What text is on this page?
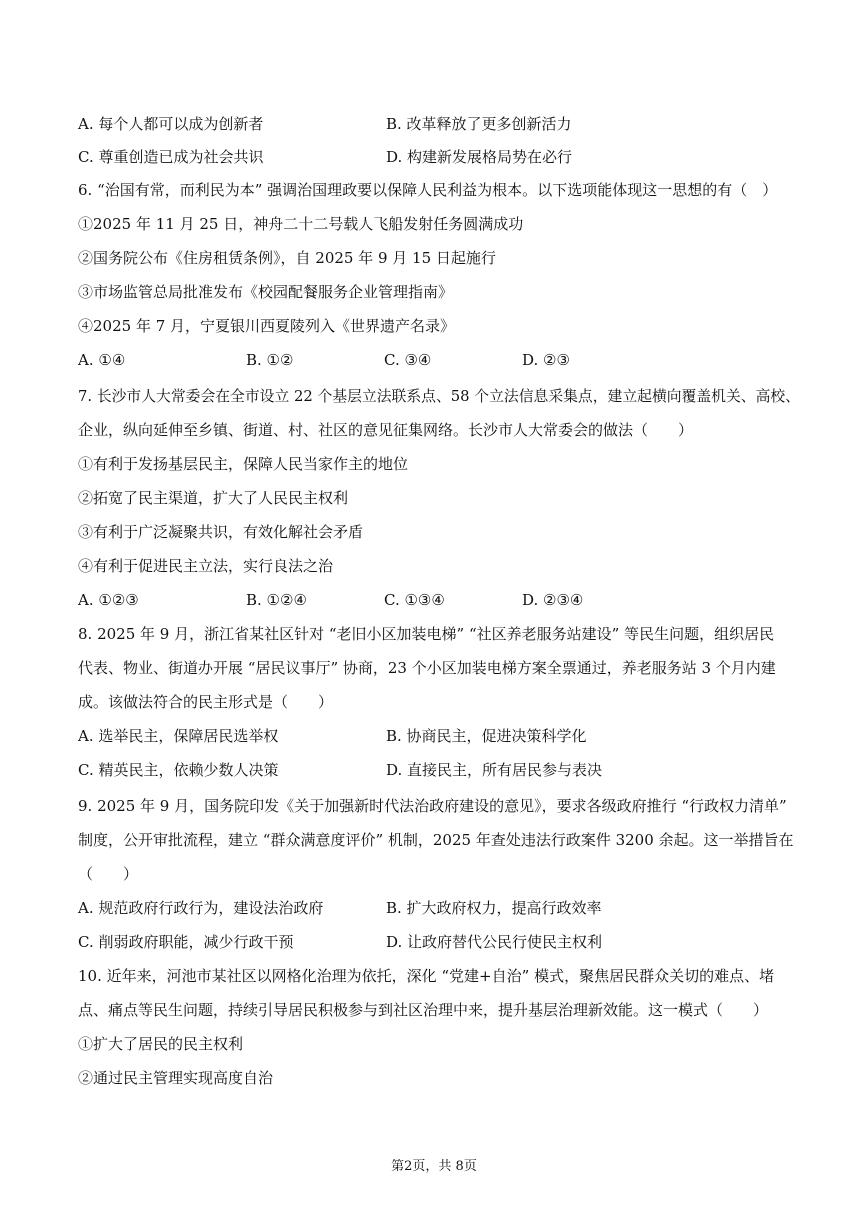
A. 每个人都可以成为创新者	B. 改革释放了更多创新活力
C. 尊重创造已成为社会共识	D. 构建新发展格局势在必行
6. “治国有常，而利民为本” 强调治国理政要以保障人民利益为根本。以下选项能体现这一思想的有（　）
①2025 年 11 月 25 日，神舟二十二号载人飞船发射任务圆满成功
②国务院公布《住房租赁条例》，自 2025 年 9 月 15 日起施行
③市场监管总局批准发布《校园配餐服务企业管理指南》
④2025 年 7 月，宁夏银川西夏陵列入《世界遗产名录》
A. ①④	B. ①②	C. ③④	D. ②③
7. 长沙市人大常委会在全市设立 22 个基层立法联系点、58 个立法信息采集点，建立起横向覆盖机关、高校、
企业，纵向延伸至乡镇、街道、村、社区的意见征集网络。长沙市人大常委会的做法（　　）
①有利于发扬基层民主，保障人民当家作主的地位
②拓宽了民主渠道，扩大了人民民主权利
③有利于广泛凝聚共识，有效化解社会矛盾
④有利于促进民主立法，实行良法之治
A. ①②③	B. ①②④	C. ①③④	D. ②③④
8. 2025 年 9 月，浙江省某社区针对 “老旧小区加装电梯” “社区养老服务站建设” 等民生问题，组织居民
代表、物业、街道办开展 “居民议事厅” 协商，23 个小区加装电梯方案全票通过，养老服务站 3 个月内建
成。该做法符合的民主形式是（　　）
A. 选举民主，保障居民选举权	B. 协商民主，促进决策科学化
C. 精英民主，依赖少数人决策	D. 直接民主，所有居民参与表决
9. 2025 年 9 月，国务院印发《关于加强新时代法治政府建设的意见》，要求各级政府推行 “行政权力清单”
制度，公开审批流程，建立 “群众满意度评价” 机制，2025 年查处违法行政案件 3200 余起。这一举措旨在
（　　）
A. 规范政府行政行为，建设法治政府	B. 扩大政府权力，提高行政效率
C. 削弱政府职能，减少行政干预	D. 让政府替代公民行使民主权利
10. 近年来，河池市某社区以网格化治理为依托，深化 “党建+自治” 模式，聚焦居民群众关切的难点、堵
点、痛点等民生问题，持续引导居民积极参与到社区治理中来，提升基层治理新效能。这一模式（　　）
①扩大了居民的民主权利
②通过民主管理实现高度自治
第2页，共 8页
